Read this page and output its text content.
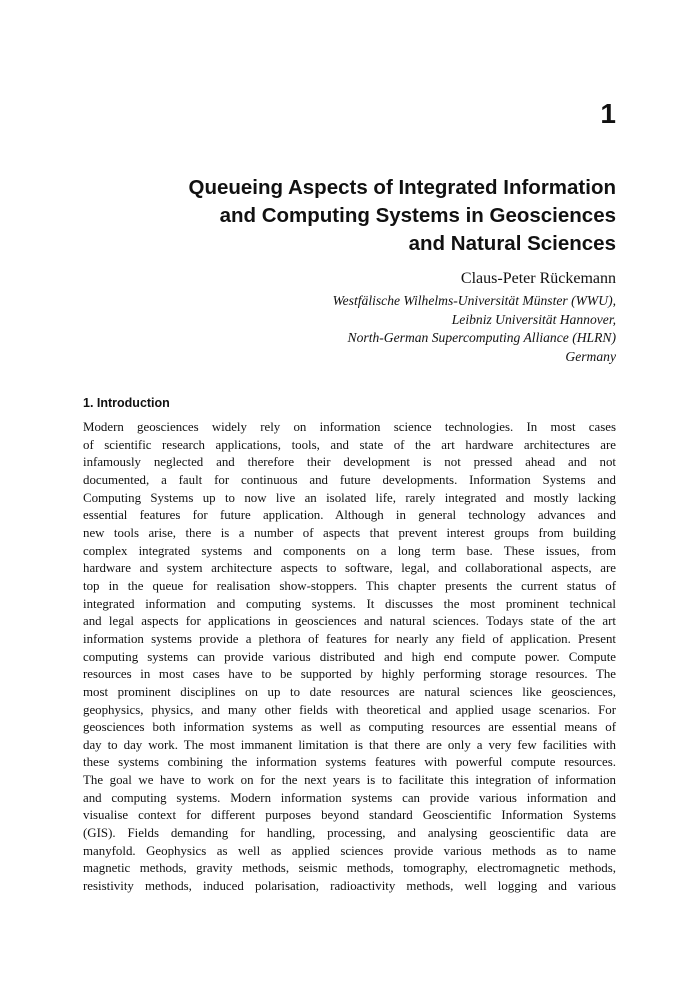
1
Queueing Aspects of Integrated Information
and Computing Systems in Geosciences
and Natural Sciences

Claus-Peter Rückemann

Westfälische Wilhelms-Universität Münster (WWU),

Leibniz Universität Hannover,

North-German Supercomputing Alliance (HLRN)

Germany

1. Introduction

Modern geosciences widely rely on information science technologies. In most cases
of scientific research applications, tools, and state of the art hardware architectures are
infamously neglected and therefore their development is not pressed ahead and not
documented, a fault for continuous and future developments. Information Systems and
Computing Systems up to now live an isolated life, rarely integrated and mostly lacking
essential features for future application. Although in general technology advances and
new tools arise, there is a number of aspects that prevent interest groups from building
complex integrated systems and components on a long term base. These issues, from
hardware and system architecture aspects to software, legal, and collaborational aspects, are
top in the queue for realisation show-stoppers. This chapter presents the current status of
integrated information and computing systems. It discusses the most prominent technical
and legal aspects for applications in geosciences and natural sciences. Todays state of the art
information systems provide a plethora of features for nearly any field of application. Present
computing systems can provide various distributed and high end compute power. Compute
resources in most cases have to be supported by highly performing storage resources. The
most prominent disciplines on up to date resources are natural sciences like geosciences,
geophysics, physics, and many other fields with theoretical and applied usage scenarios. For
geosciences both information systems as well as computing resources are essential means of
day to day work. The most immanent limitation is that there are only a very few facilities with
these systems combining the information systems features with powerful compute resources.
The goal we have to work on for the next years is to facilitate this integration of information
and computing systems. Modern information systems can provide various information and
visualise context for different purposes beyond standard Geoscientific Information Systems
(GIS). Fields demanding for handling, processing, and analysing geoscientific data are
manyfold. Geophysics as well as applied sciences provide various methods as to name
magnetic methods, gravity methods, seismic methods, tomography, electromagnetic methods,
resistivity methods, induced polarisation, radioactivity methods, well logging and various
